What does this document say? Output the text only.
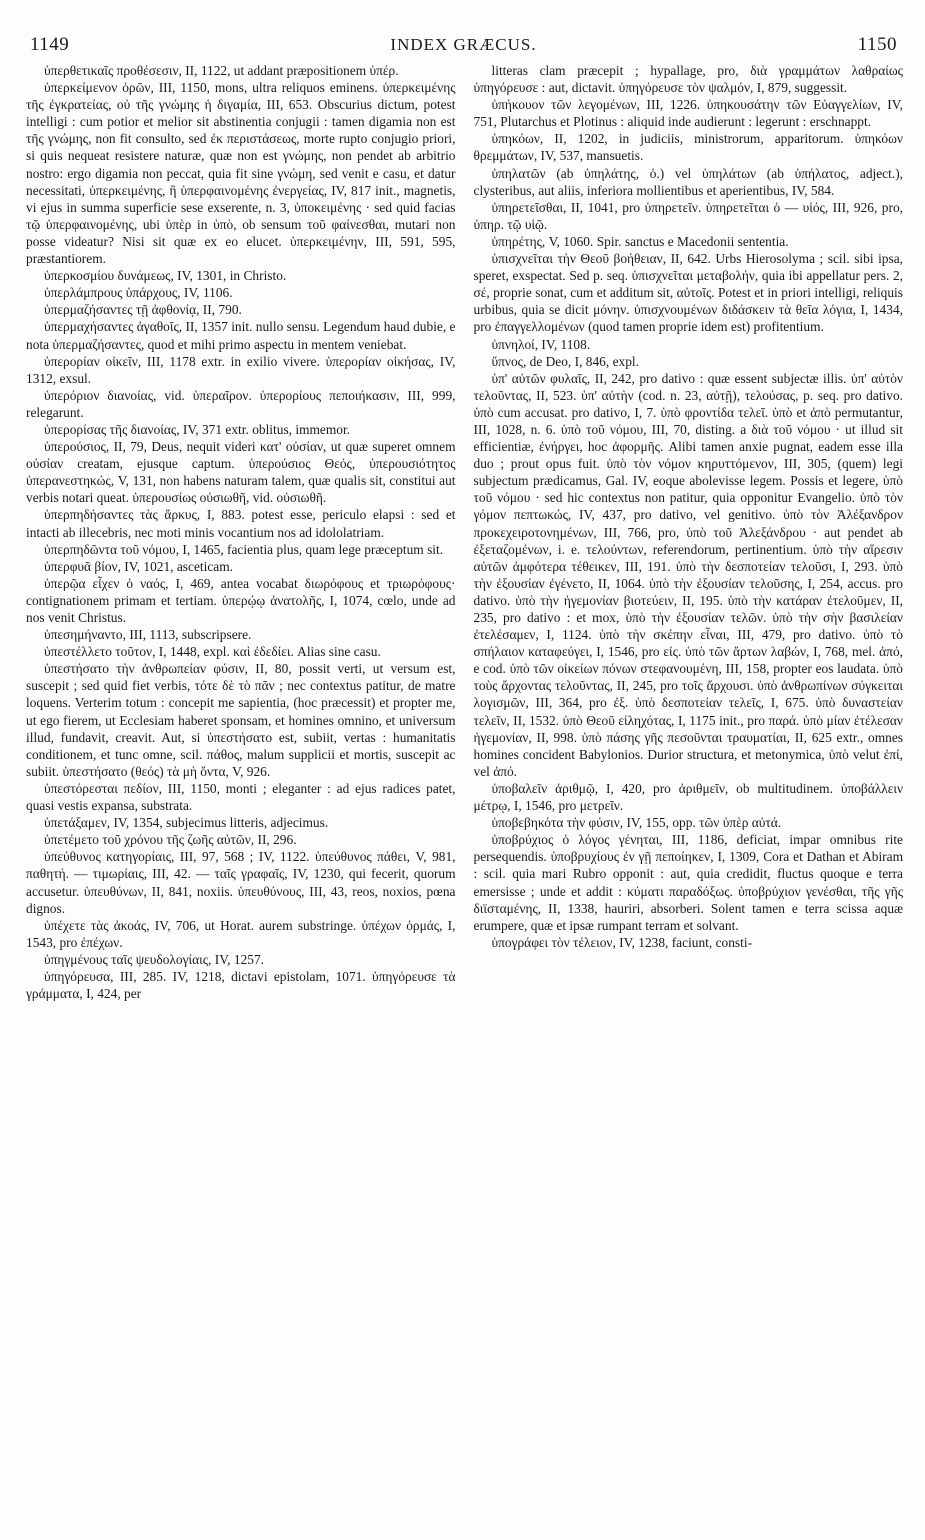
1149	INDEX GRÆCUS.	1150

ὑπερθετικαῖς προθέσεσιν, II, 1122, ut addant præpositionem ὑπέρ.

ὑπερκείμενον ὁρῶν, III, 1150, mons, ultra reliquos eminens. ὑπερκειμένης τῆς ἐγκρατείας, οὐ τῆς γνώμης ἡ διγαμία, III, 653. Obscurius dictum, potest intelligi : cum potior et melior sit abstinentia conjugii : tamen digamia non est τῆς γνώμης, non fit consulto, sed ἐκ περιστάσεως, morte rupto conjugio priori, si quis nequeat resistere naturæ, quæ non est γνώμης, non pendet ab arbitrio nostro: ergo digamia non peccat, quia fit sine γνώμη, sed venit e casu, et datur necessitati, ὑπερκειμένης, ἢ ὑπερφαινομένης ἐνεργείας, IV, 817 init., magnetis, vi ejus in summa superficie sese exserente, n. 3, ὑποκειμένης · sed quid facias τῷ ὑπερφαινομένης, ubi ὑπὲρ in ὑπὸ, ob sensum τοῦ φαίνεσθαι, mutari non posse videatur? Nisi sit quæ ex eo elucet. ὑπερκειμένην, III, 591, 595, præstantiorem.

ὑπερκοσμίου δυνάμεως, IV, 1301, in Christo.

ὑπερλάμπρους ὑπάρχους, IV, 1106.

ὑπερμαζήσαντες τῇ ἀφθονίᾳ, II, 790.

ὑπερμαχήσαντες ἀγαθοῖς, II, 1357 init. nullo sensu. Legendum haud dubie, e nota ὑπερμαζήσαντες, quod et mihi primo aspectu in mentem veniebat.

ὑπερορίαν οἰκεῖν, III, 1178 extr. in exilio vivere. ὑπερορίαν οἰκήσας, IV, 1312, exsul.

ὑπερόριον διανοίας, vid. ὑπεραῖρον. ὑπερορίους πεποιήκασιν, III, 999, relegarunt.

ὑπερορίσας τῆς διανοίας, IV, 371 extr. oblitus, immemor.

ὑπερούσιος, II, 79, Deus, nequit videri κατ' οὐσίαν, ut quæ superet omnem οὐσίαν creatam, ejusque captum. ὑπερούσιος Θεός, ὑπερουσιότητος ὑπερανεστηκώς, V, 131, non habens naturam talem, quæ qualis sit, constitui aut verbis notari queat. ὑπερουσίως οὐσιωθῆ, vid. οὐσιωθῆ.

ὑπερπηδήσαντες τὰς ἄρκυς, I, 883. potest esse, periculo elapsi : sed et intacti ab illecebris, nec moti minis vocantium nos ad idololatriam.

ὑπερπηδῶντα τοῦ νόμου, I, 1465, facientia plus, quam lege præceptum sit.

ὑπερφυᾶ βίον, IV, 1021, asceticam.

ὑπερῷα εἶχεν ὁ ναός, I, 469, antea vocabat διωρόφους et τριωρόφους· contignationem primam et tertiam. ὑπερῴῳ ἀνατολῆς, I, 1074, cœlo, unde ad nos venit Christus.

ὑπεσημήναντο, III, 1113, subscripsere.

ὑπεστέλλετο τοῦτον, I, 1448, expl. καὶ ἐδεδίει. Alias sine casu.

ὑπεστήσατο τὴν ἀνθρωπείαν φύσιν, II, 80, possit verti, ut versum est, suscepit ; sed quid fiet verbis, τότε δὲ τὸ πᾶν ; nec contextus patitur, de matre loquens. Verterim totum : concepit me sapientia, (hoc præcessit) et propter me, ut ego fierem, ut Ecclesiam haberet sponsam, et homines omnino, et universum illud, fundavit, creavit. Aut, si ὑπεστήσατο est, subiit, vertas : humanitatis conditionem, et tunc omne, scil. πάθος, malum supplicii et mortis, suscepit ac subiit. ὑπεστήσατο (θεός) τὰ μὴ ὄντα, V, 926.

ὑπεστόρεσται πεδίον, III, 1150, monti ; eleganter : ad ejus radices patet, quasi vestis expansa, substrata.

ὑπετάξαμεν, IV, 1354, subjecimus litteris, adjecimus.

ὑπετέμετο τοῦ χρόνου τῆς ζωῆς αὐτῶν, II, 296.

ὑπεύθυνος κατηγορίαις, III, 97, 568 ; IV, 1122. ὑπεύθυνος πάθει, V, 981, παθητή. — τιμωρίαις, III, 42. — ταῖς γραφαῖς, IV, 1230, qui fecerit, quorum accusetur. ὑπευθύνων, II, 841, noxiis. ὑπευθύνους, III, 43, reos, noxios, pœna dignos.

ὑπέχετε τὰς ἀκοάς, IV, 706, ut Horat. aurem substringe. ὑπέχων ὁρμάς, I, 1543, pro ἐπέχων.

ὑπηγμένους ταῖς ψευδολογίαις, IV, 1257.

ὑπηγόρευσα, III, 285. IV, 1218, dictavi epistolam, 1071. ὑπηγόρευσε τὰ γράμματα, I, 424, per

litteras clam præcepit ; hypallage, pro, διὰ γραμμάτων λαθραίως ὑπηγόρευσε : aut, dictavit. ὑπηγόρευσε τὸν ψαλμόν, I, 879, suggessit.

ὑπήκουον τῶν λεγομένων, III, 1226. ὑπηκουσάτην τῶν Εὐαγγελίων, IV, 751, Plutarchus et Plotinus : aliquid inde audierunt : legerunt : erschnappt.

ὑπηκόων, II, 1202, in judiciis, ministrorum, apparitorum. ὑπηκόων θρεμμάτων, IV, 537, mansuetis.

ὑπηλατῶν (ab ὑπηλάτης, ὁ.) vel ὑπηλάτων (ab ὑπήλατος, adject.), clysteribus, aut aliis, inferiora mollientibus et aperientibus, IV, 584.

ὑπηρετεῖσθαι, II, 1041, pro ὑπηρετεῖν. ὑπηρετεῖται ὁ — υἱός, III, 926, pro, ὑπηρ. τῷ υἱῷ.

ὑπηρέτης, V, 1060. Spir. sanctus e Macedonii sententia.

ὑπισχνεῖται τὴν Θεοῦ βοήθειαν, II, 642. Urbs Hierosolyma ; scil. sibi ipsa, speret, exspectat. Sed p. seq. ὑπισχνεῖται μεταβολήν, quia ibi appellatur pers. 2, σέ, proprie sonat, cum et additum sit, αὐτοῖς. Potest et in priori intelligi, reliquis urbibus, quia se dicit μόνην. ὑπισχνουμένων διδάσκειν τὰ θεῖα λόγια, I, 1434, pro ἐπαγγελλομένων (quod tamen proprie idem est) profitentium.

ὑπνηλοί, IV, 1108.

ὕπνος, de Deo, I, 846, expl.

ὑπ' αὐτῶν φυλαῖς, II, 242, pro dativo : quæ essent subjectæ illis. ὑπ' αὐτὸν τελοῦντας, II, 523. ὑπ' αὐτὴν (cod. n. 23, αὐτῇ), τελούσας, p. seq. pro dativo. ὑπὸ cum accusat. pro dativo, I, 7. ὑπὸ φροντίδα τελεῖ. ὑπὸ et ἀπὸ permutantur, III, 1028, n. 6. ὑπὸ τοῦ νόμου, III, 70, disting. a διὰ τοῦ νόμου · ut illud sit efficientiæ, ἐνήργει, hoc ἀφορμῆς. Alibi tamen anxie pugnat, eadem esse illa duo ; prout opus fuit. ὑπὸ τὸν νόμον κηρυττόμενον, III, 305, (quem) legi subjectum prædicamus, Gal. IV, eoque abolevisse legem. Possis et legere, ὑπὸ τοῦ νόμου · sed hic contextus non patitur, quia opponitur Evangelio. ὑπὸ τὸν γόμον πεπτωκώς, IV, 437, pro dativo, vel genitivo. ὑπὸ τὸν Ἀλέξανδρον προκεχειροτονημένων, III, 766, pro, ὑπὸ τοῦ Ἀλεξάνδρου · aut pendet ab ἐξεταζομένων, i. e. τελούντων, referendorum, pertinentium. ὑπὸ τὴν αἵρεσιν αὐτῶν ἀμφότερα τέθεικεν, III, 191. ὑπὸ τὴν δεσποτείαν τελοῦσι, I, 293. ὑπὸ τὴν ἐξουσίαν ἐγένετο, II, 1064. ὑπὸ τὴν ἐξουσίαν τελοῦσης, I, 254, accus. pro dativo. ὑπὸ τὴν ἡγεμονίαν βιοτεύειν, II, 195. ὑπὸ τὴν κατάραν ἐτελοῦμεν, II, 235, pro dativo : et mox, ὑπὸ τὴν ἐξουσίαν τελῶν. ὑπὸ τὴν σὴν βασιλείαν ἐτελέσαμεν, I, 1124. ὑπὸ τὴν σκέπην εἶναι, III, 479, pro dativo. ὑπὸ τὸ σπήλαιον καταφεύγει, I, 1546, pro εἰς. ὑπὸ τῶν ἄρτων λαβών, I, 768, mel. ἀπό, e cod. ὑπὸ τῶν οἰκείων πόνων στεφανουμένη, III, 158, propter eos laudata. ὑπὸ τοὺς ἄρχοντας τελοῦντας, II, 245, pro τοῖς ἄρχουσι. ὑπὸ ἀνθρωπίνων σύγκειται λογισμῶν, III, 364, pro ἐξ. ὑπὸ δεσποτείαν τελεῖς, I, 675. ὑπὸ δυναστείαν τελεῖν, II, 1532. ὑπὸ Θεοῦ εἰληχότας, I, 1175 init., pro παρά. ὑπὸ μίαν ἐτέλεσαν ἡγεμονίαν, II, 998. ὑπὸ πάσης γῆς πεσοῦνται τραυματίαι, II, 625 extr., omnes homines concident Babylonios. Durior structura, et metonymica, ὑπὸ velut ἐπί, vel ἀπό.

ὑποβαλεῖν ἀριθμῷ, I, 420, pro ἀριθμεῖν, ob multitudinem. ὑποβάλλειν μέτρῳ, I, 1546, pro μετρεῖν.

ὑποβεβηκότα τὴν φύσιν, IV, 155, opp. τῶν ὑπὲρ αὐτά.

ὑποβρύχιος ὁ λόγος γένηται, III, 1186, deficiat, impar omnibus rite persequendis. ὑποβρυχίους ἐν γῇ πεποίηκεν, I, 1309, Cora et Dathan et Abiram : scil. quia mari Rubro opponit : aut, quia credidit, fluctus quoque e terra emersisse ; unde et addit : κύματι παραδόξως. ὑποβρύχιον γενέσθαι, τῆς γῆς διϊσταμένης, II, 1338, hauriri, absorberi. Solent tamen e terra scissa aquæ erumpere, quæ et ipsæ rumpant terram et solvant.

ὑπογράφει τὸν τέλειον, IV, 1238, faciunt, consti-
